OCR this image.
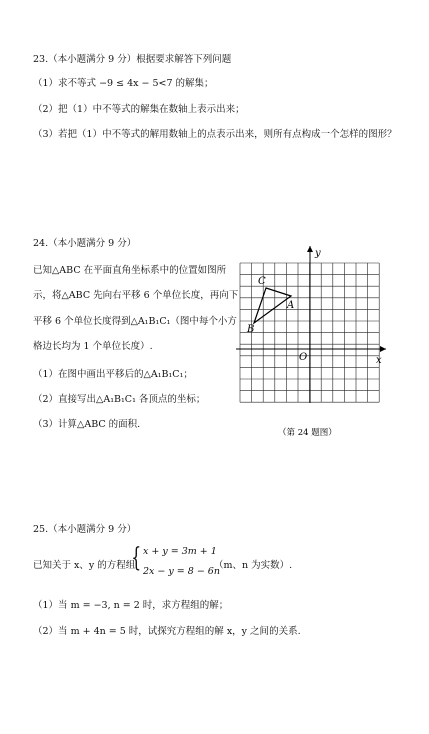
23.（本小题满分 9 分）根据要求解答下列问题
（1）求不等式 −9 ≤ 4x − 5<7 的解集；
（2）把（1）中不等式的解集在数轴上表示出来；
（3）若把（1）中不等式的解用数轴上的点表示出来，则所有点构成一个怎样的图形？
24.（本小题满分 9 分）
已知△ABC 在平面直角坐标系中的位置如图所
示，将△ABC 先向右平移 6 个单位长度，再向下
平移 6 个单位长度得到△A₁B₁C₁（图中每个小方
格边长均为 1 个单位长度）.
（1）在图中画出平移后的△A₁B₁C₁；
（2）直接写出△A₁B₁C₁ 各顶点的坐标；
（3）计算△ABC 的面积.
y
x
O
A
B
C
（第 24 题图）
25.（本小题满分 9 分）
已知关于 x、y 的方程组
{ x + y = 3m + 1
2x − y = 8 − 6n
（m、n 为实数）.
（1）当 m = −3, n = 2 时，求方程组的解；
（2）当 m + 4n = 5 时，试探究方程组的解 x，y 之间的关系.
